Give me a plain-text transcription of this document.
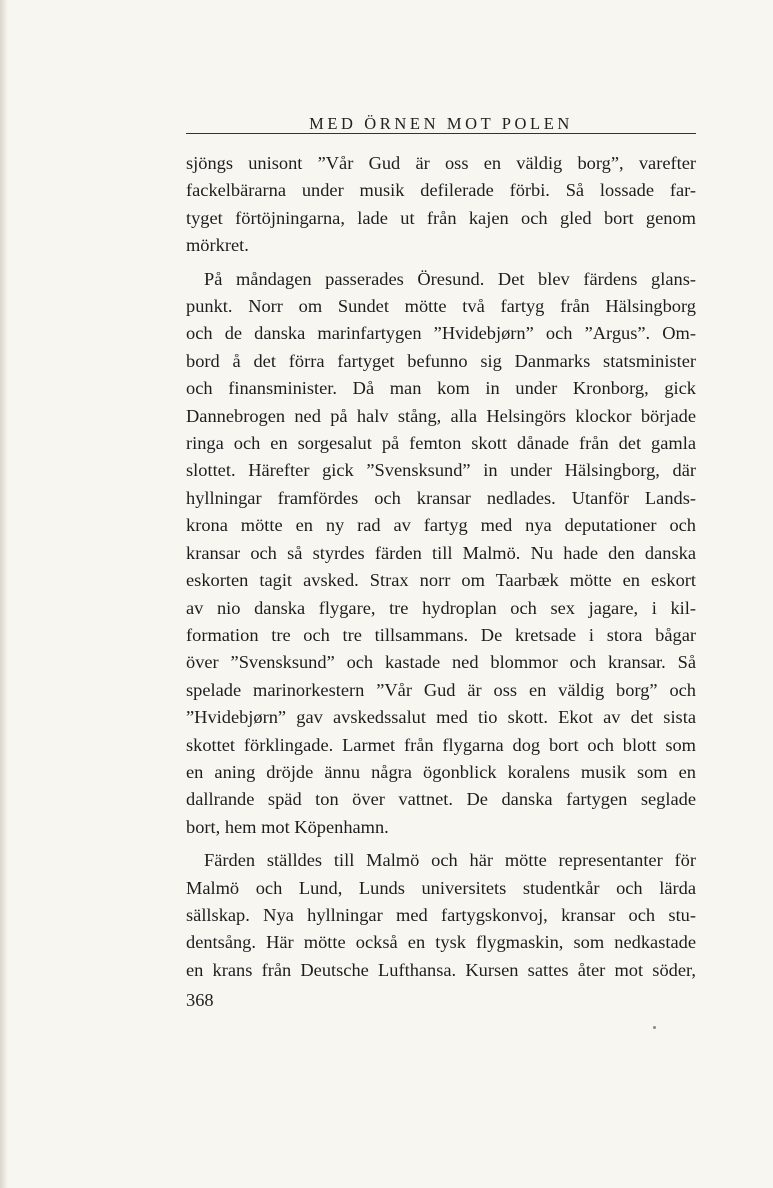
MED ÖRNEN MOT POLEN
sjöngs unisont ”Vår Gud är oss en väldig borg”, varefter
fackelbärarna under musik defilerade förbi. Så lossade far-
tyget förtöjningarna, lade ut från kajen och gled bort genom
mörkret.
På måndagen passerades Öresund. Det blev färdens glans-
punkt. Norr om Sundet mötte två fartyg från Hälsingborg
och de danska marinfartygen ”Hvidebjørn” och ”Argus”. Om-
bord å det förra fartyget befunno sig Danmarks statsminister
och finansminister. Då man kom in under Kronborg, gick
Dannebrogen ned på halv stång, alla Helsingörs klockor började
ringa och en sorgesalut på femton skott dånade från det gamla
slottet. Härefter gick ”Svensksund” in under Hälsingborg, där
hyllningar framfördes och kransar nedlades. Utanför Lands-
krona mötte en ny rad av fartyg med nya deputationer och
kransar och så styrdes färden till Malmö. Nu hade den danska
eskorten tagit avsked. Strax norr om Taarbæk mötte en eskort
av nio danska flygare, tre hydroplan och sex jagare, i kil-
formation tre och tre tillsammans. De kretsade i stora bågar
över ”Svensksund” och kastade ned blommor och kransar. Så
spelade marinorkestern ”Vår Gud är oss en väldig borg” och
”Hvidebjørn” gav avskedssalut med tio skott. Ekot av det sista
skottet förklingade. Larmet från flygarna dog bort och blott som
en aning dröjde ännu några ögonblick koralens musik som en
dallrande späd ton över vattnet. De danska fartygen seglade
bort, hem mot Köpenhamn.
Färden ställdes till Malmö och här mötte representanter för
Malmö och Lund, Lunds universitets studentkår och lärda
sällskap. Nya hyllningar med fartygskonvoj, kransar och stu-
dentsång. Här mötte också en tysk flygmaskin, som nedkastade
en krans från Deutsche Lufthansa. Kursen sattes åter mot söder,
368
